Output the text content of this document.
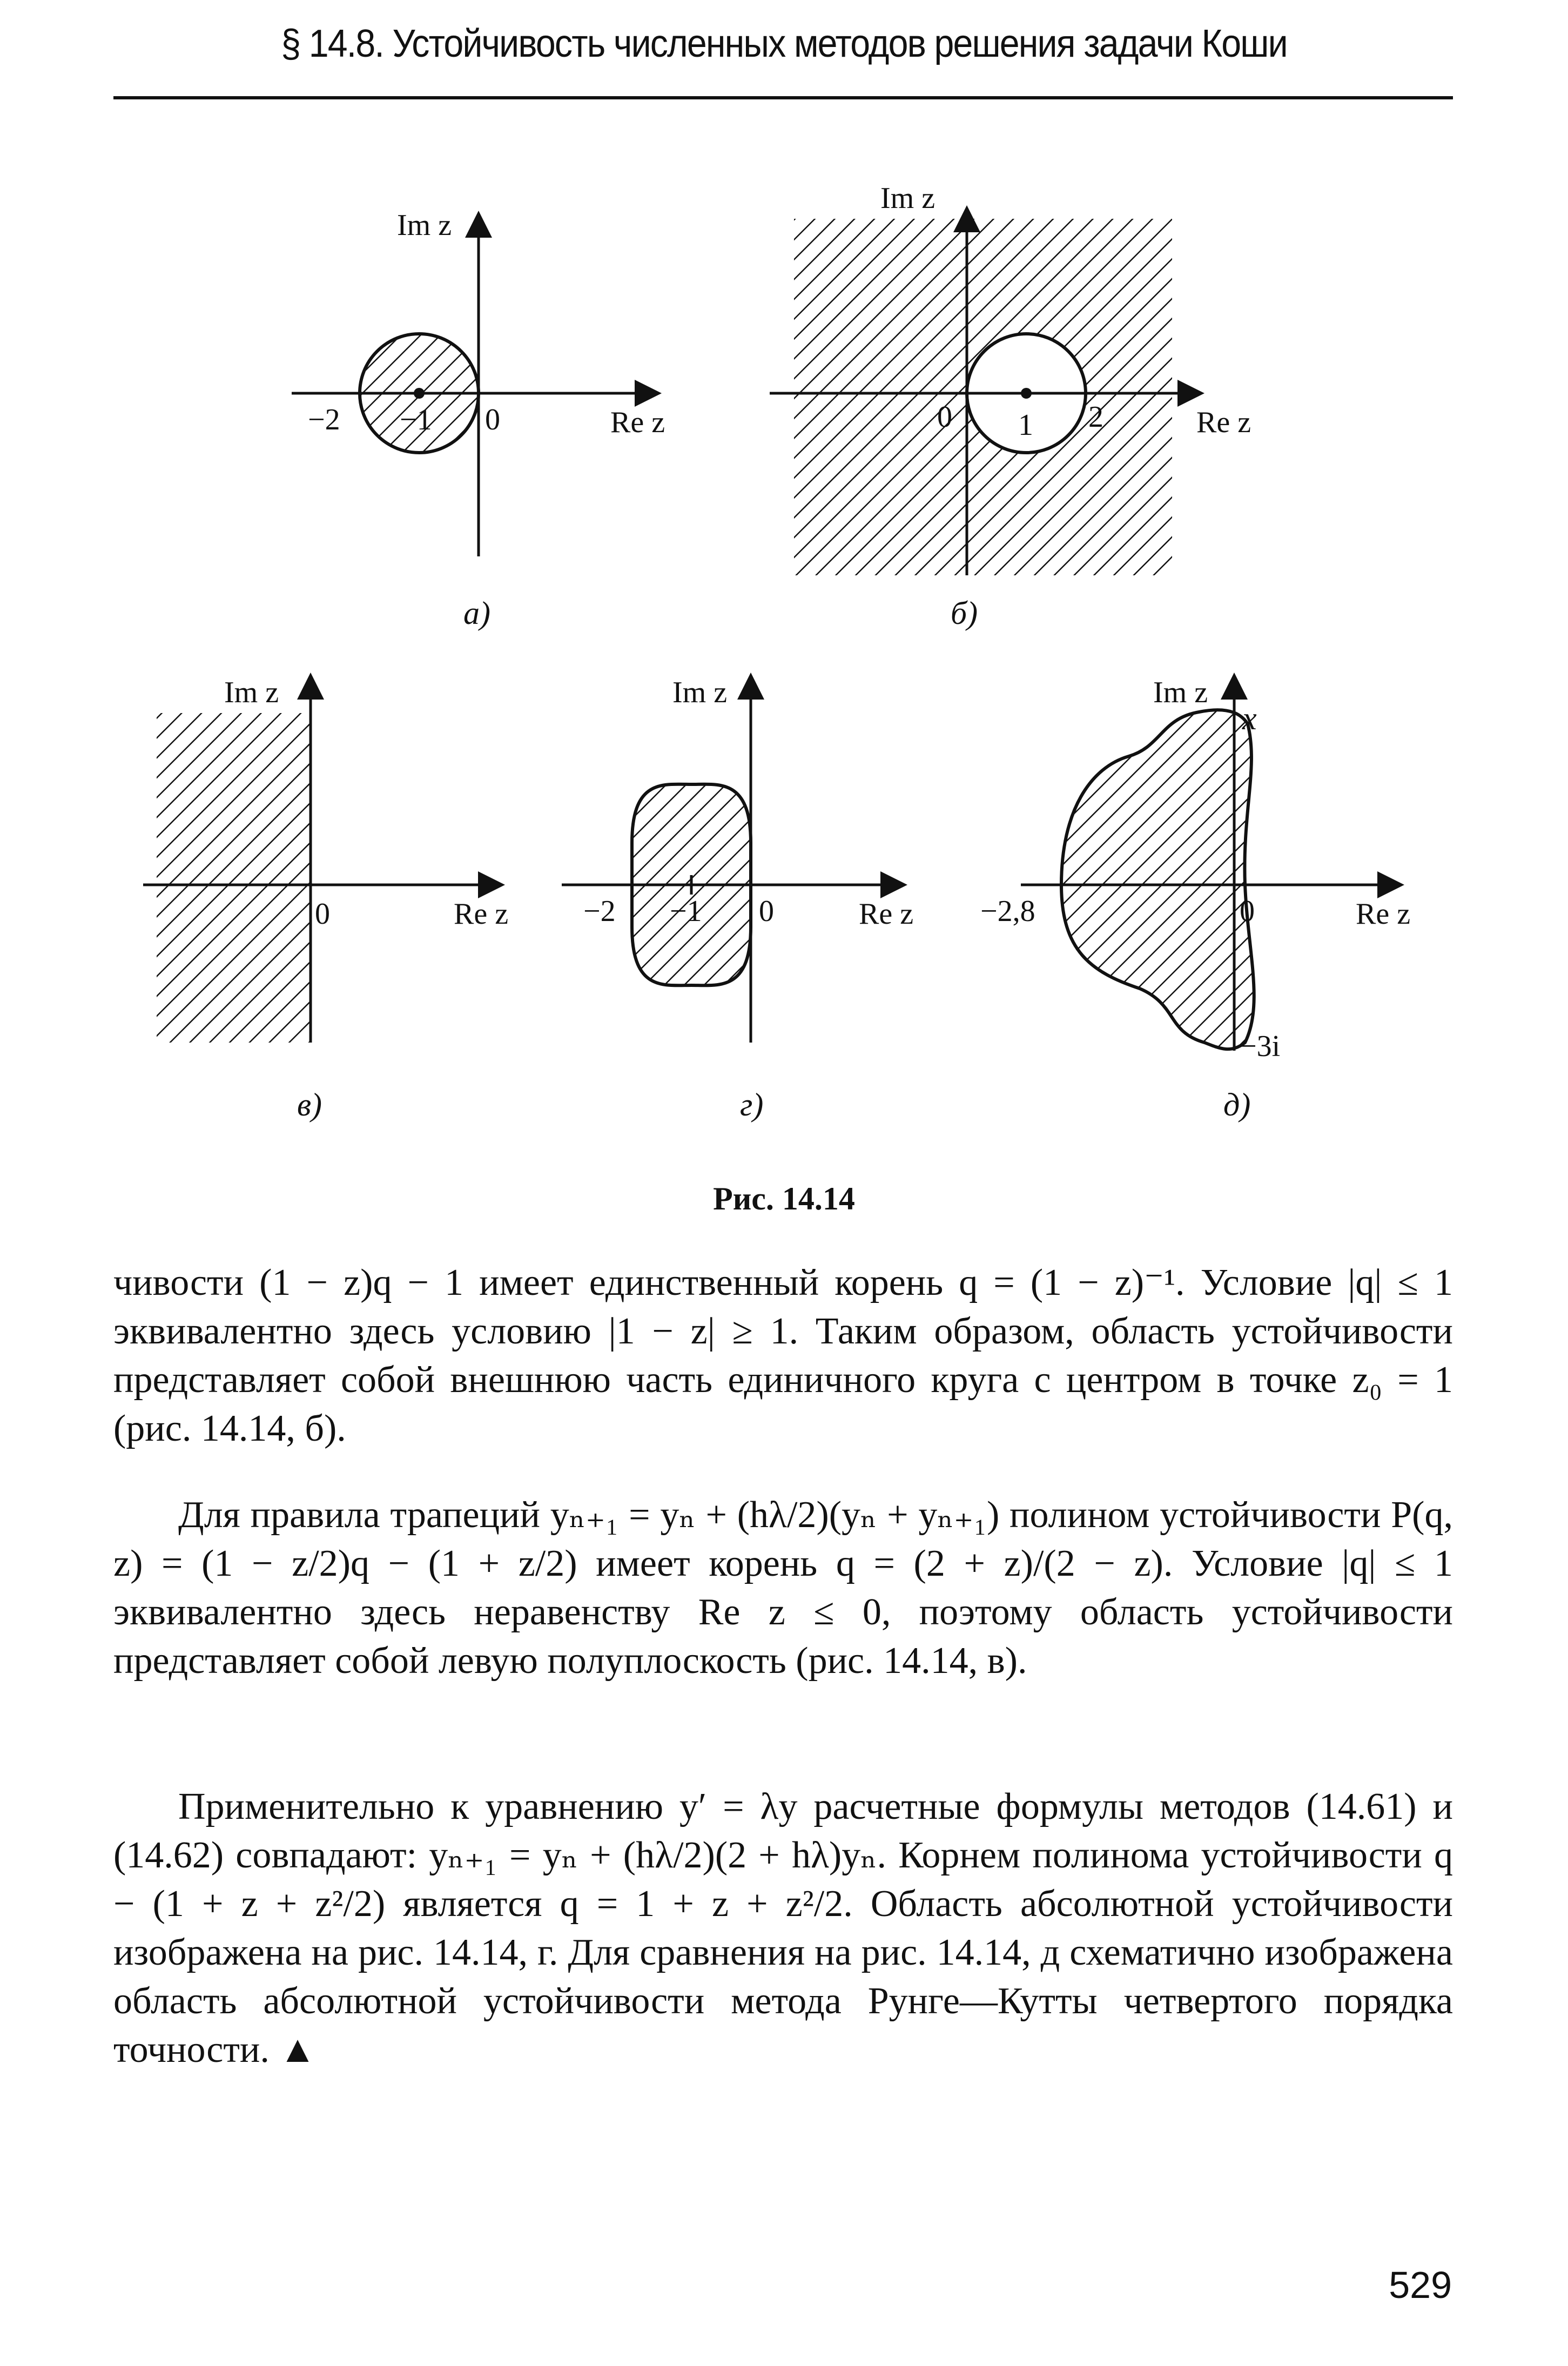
§ 14.8. Устойчивость численных методов решения задачи Коши
Im z
Re z
−2 −1 0
а)
Im z
Re z
0 1 2
б)
Im z
Re z
0
в)
Im z
Re z
−2 −1 0
г)
Im z
Re z
−2,8	0
x
−3i
д)
Рис. 14.14
чивости (1 − z)q − 1 имеет единственный корень q = (1 − z)⁻¹. Условие |q| ≤ 1 эквивалентно здесь условию |1 − z| ≥ 1. Таким образом, область устойчивости представляет собой внешнюю часть единичного круга с центром в точке z₀ = 1 (рис. 14.14, б).
Для правила трапеций yₙ₊₁ = yₙ + (hλ/2)(yₙ + yₙ₊₁) полином устойчивости P(q, z) = (1 − z/2)q − (1 + z/2) имеет корень q = (2 + z)/(2 − z). Условие |q| ≤ 1 эквивалентно здесь неравенству Re z ≤ 0, поэтому область устойчивости представляет собой левую полуплоскость (рис. 14.14, в).
Применительно к уравнению y′ = λy расчетные формулы методов (14.61) и (14.62) совпадают: yₙ₊₁ = yₙ + (hλ/2)(2 + hλ)yₙ. Корнем полинома устойчивости q − (1 + z + z²/2) является q = 1 + z + z²/2. Область абсолютной устойчивости изображена на рис. 14.14, г. Для сравнения на рис. 14.14, д схематично изображена область абсолютной устойчивости метода Рунге—Кутты четвертого порядка точности. ▲
529
